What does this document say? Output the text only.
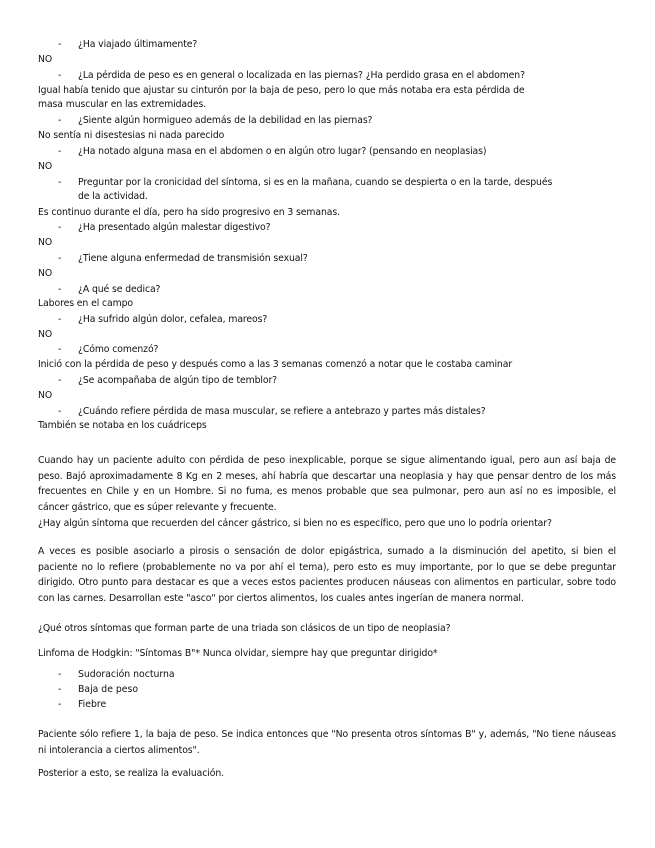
- ¿Ha viajado últimamente?
NO
- ¿La pérdida de peso es en general o localizada en las piernas? ¿Ha perdido grasa en el abdomen?
Igual había tenido que ajustar su cinturón por la baja de peso, pero lo que más notaba era esta pérdida de
masa muscular en las extremidades.
- ¿Siente algún hormigueo además de la debilidad en las piernas?
No sentía ni disestesias ni nada parecido
- ¿Ha notado alguna masa en el abdomen o en algún otro lugar? (pensando en neoplasias)
NO
- Preguntar por la cronicidad del síntoma, si es en la mañana, cuando se despierta o en la tarde, después
de la actividad.
Es continuo durante el día, pero ha sido progresivo en 3 semanas.
- ¿Ha presentado algún malestar digestivo?
NO
- ¿Tiene alguna enfermedad de transmisión sexual?
NO
- ¿A qué se dedica?
Labores en el campo
- ¿Ha sufrido algún dolor, cefalea, mareos?
NO
- ¿Cómo comenzó?
Inició con la pérdida de peso y después como a las 3 semanas comenzó a notar que le costaba caminar
- ¿Se acompañaba de algún tipo de temblor?
NO
- ¿Cuándo refiere pérdida de masa muscular, se refiere a antebrazo y partes más distales?
También se notaba en los cuádriceps
Cuando hay un paciente adulto con pérdida de peso inexplicable, porque se sigue alimentando igual, pero aun así baja de peso. Bajó aproximadamente 8 Kg en 2 meses, ahí habría que descartar una neoplasia y hay que pensar dentro de los más frecuentes en Chile y en un Hombre. Si no fuma, es menos probable que sea pulmonar, pero aun así no es imposible, el cáncer gástrico, que es súper relevante y frecuente.
¿Hay algún síntoma que recuerden del cáncer gástrico, si bien no es específico, pero que uno lo podría orientar?
A veces es posible asociarlo a pirosis o sensación de dolor epigástrica, sumado a la disminución del apetito, si bien el paciente no lo refiere (probablemente no va por ahí el tema), pero esto es muy importante, por lo que se debe preguntar dirigido. Otro punto para destacar es que a veces estos pacientes producen náuseas con alimentos en particular, sobre todo con las carnes. Desarrollan este "asco" por ciertos alimentos, los cuales antes ingerían de manera normal.
¿Qué otros síntomas que forman parte de una triada son clásicos de un tipo de neoplasia?
Linfoma de Hodgkin: "Síntomas B"* Nunca olvidar, siempre hay que preguntar dirigido*
- Sudoración nocturna
- Baja de peso
- Fiebre
Paciente sólo refiere 1, la baja de peso. Se indica entonces que "No presenta otros síntomas B" y, además, "No tiene náuseas ni intolerancia a ciertos alimentos".
Posterior a esto, se realiza la evaluación.
